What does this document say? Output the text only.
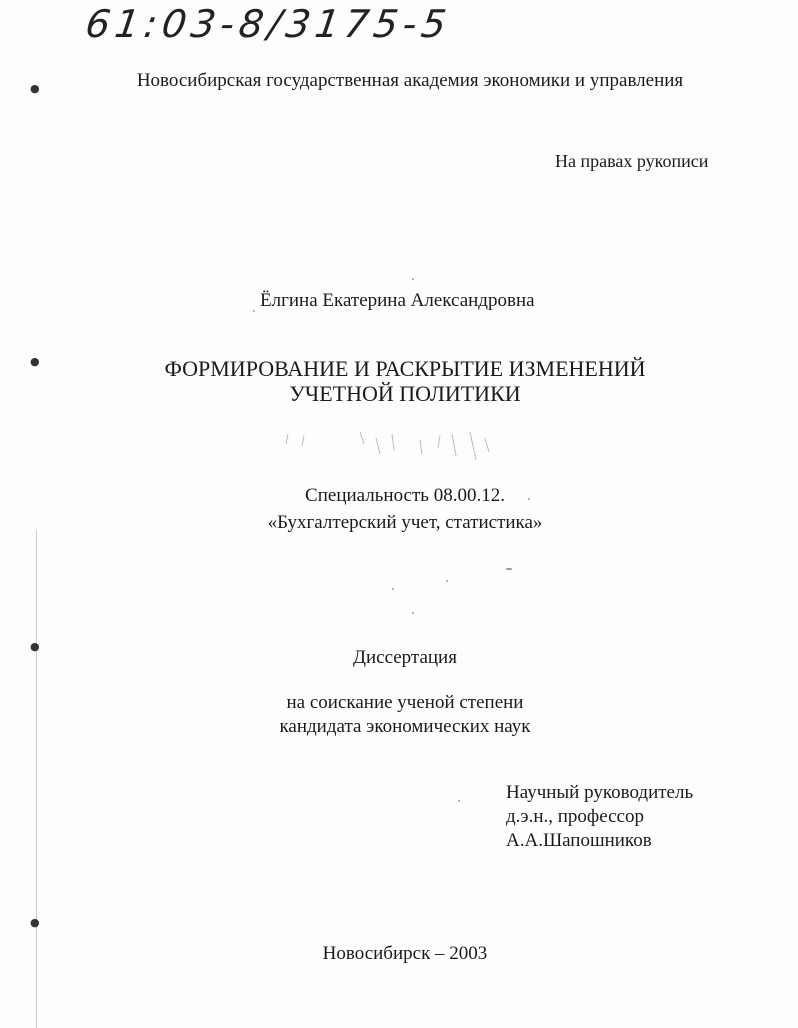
61:03-8/3175-5
Новосибирская государственная академия экономики и управления
На правах рукописи
Ёлгина Екатерина Александровна
ФОРМИРОВАНИЕ И РАСКРЫТИЕ ИЗМЕНЕНИЙ
УЧЕТНОЙ ПОЛИТИКИ
Специальность 08.00.12.
«Бухгалтерский учет, статистика»
Диссертация
на соискание ученой степени
кандидата экономических наук
Научный руководитель
д.э.н., профессор
А.А.Шапошников
Новосибирск – 2003
●
●
●
●
